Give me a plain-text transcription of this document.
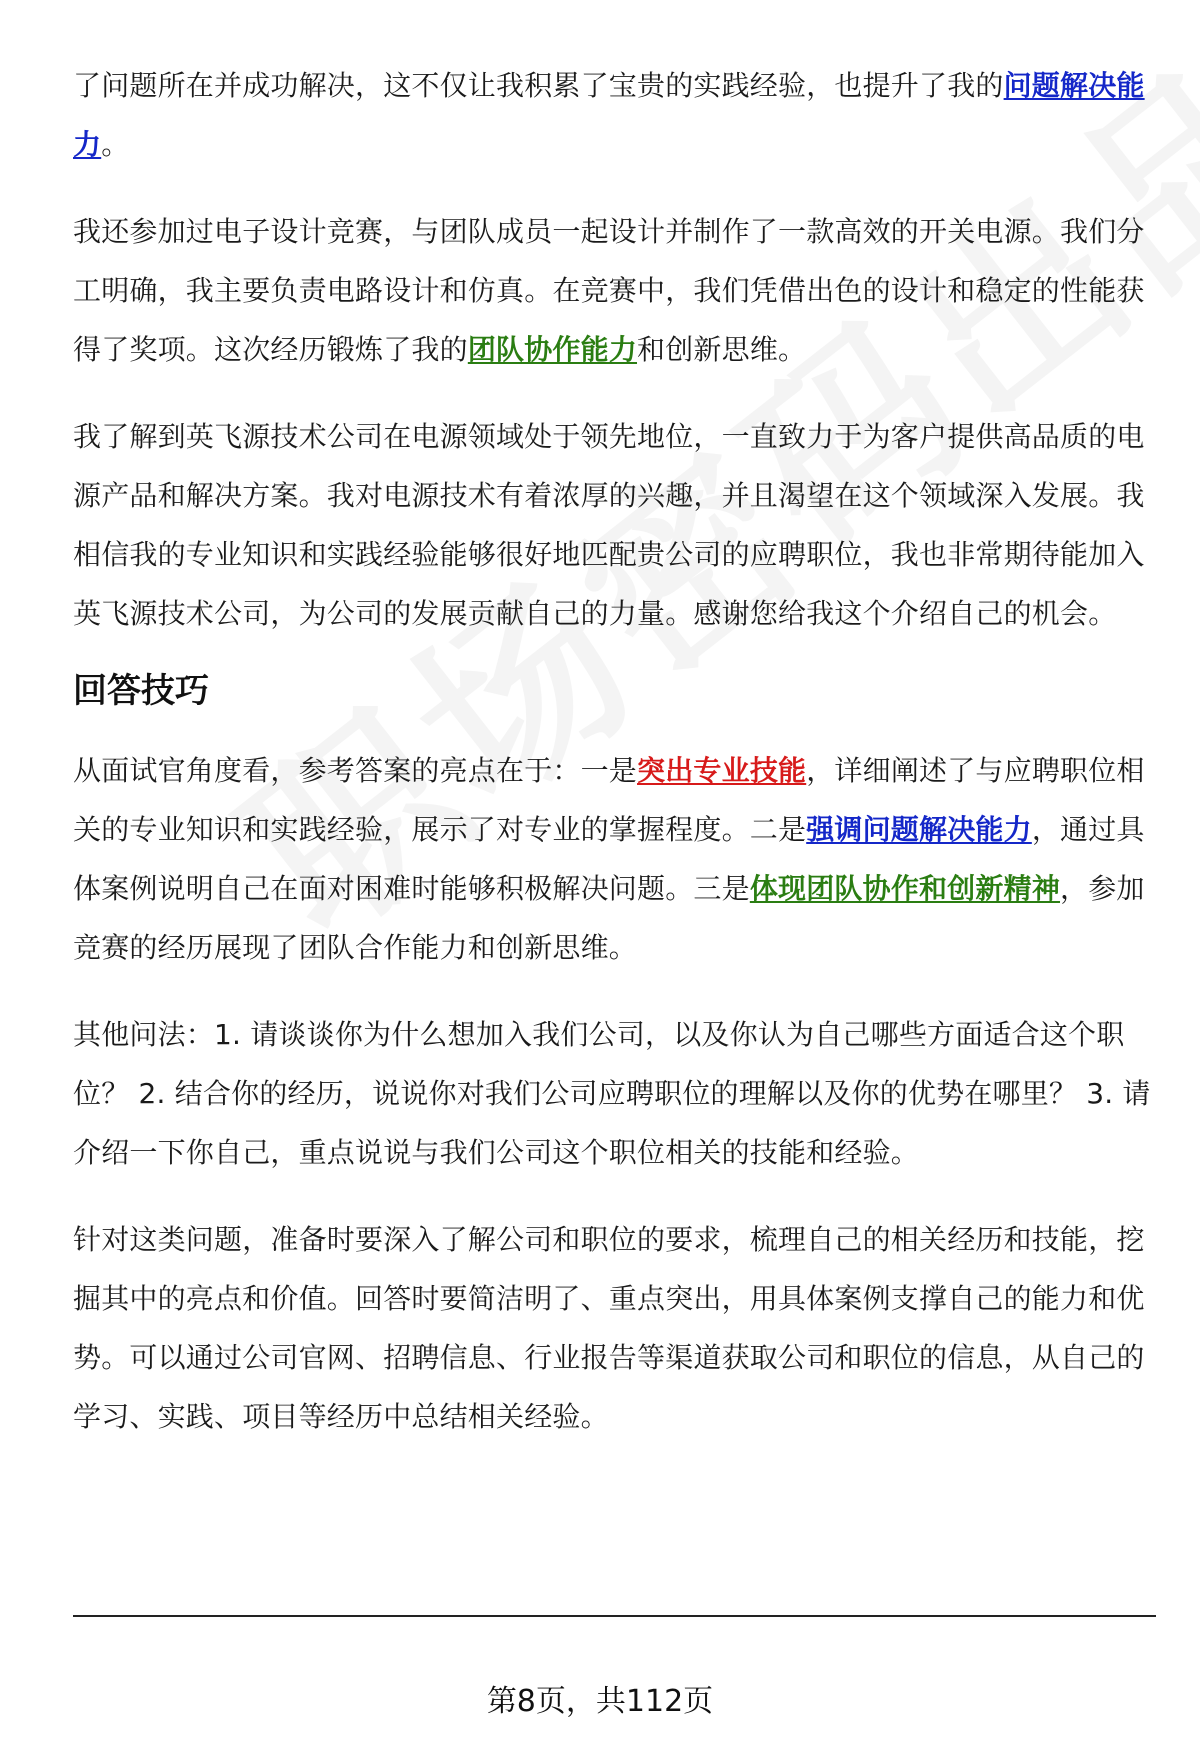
了问题所在并成功解决，这不仅让我积累了宝贵的实践经验，也提升了我的问题解决能力。

我还参加过电子设计竞赛，与团队成员一起设计并制作了一款高效的开关电源。我们分工明确，我主要负责电路设计和仿真。在竞赛中，我们凭借出色的设计和稳定的性能获得了奖项。这次经历锻炼了我的团队协作能力和创新思维。

我了解到英飞源技术公司在电源领域处于领先地位，一直致力于为客户提供高品质的电源产品和解决方案。我对电源技术有着浓厚的兴趣，并且渴望在这个领域深入发展。我相信我的专业知识和实践经验能够很好地匹配贵公司的应聘职位，我也非常期待能加入英飞源技术公司，为公司的发展贡献自己的力量。感谢您给我这个介绍自己的机会。

回答技巧

从面试官角度看，参考答案的亮点在于：一是突出专业技能，详细阐述了与应聘职位相关的专业知识和实践经验，展示了对专业的掌握程度。二是强调问题解决能力，通过具体案例说明自己在面对困难时能够积极解决问题。三是体现团队协作和创新精神，参加竞赛的经历展现了团队合作能力和创新思维。

其他问法：1. 请谈谈你为什么想加入我们公司，以及你认为自己哪些方面适合这个职位？ 2. 结合你的经历，说说你对我们公司应聘职位的理解以及你的优势在哪里？ 3. 请介绍一下你自己，重点说说与我们公司这个职位相关的技能和经验。

针对这类问题，准备时要深入了解公司和职位的要求，梳理自己的相关经历和技能，挖掘其中的亮点和价值。回答时要简洁明了、重点突出，用具体案例支撑自己的能力和优势。可以通过公司官网、招聘信息、行业报告等渠道获取公司和职位的信息，从自己的学习、实践、项目等经历中总结相关经验。

第8页，共112页
